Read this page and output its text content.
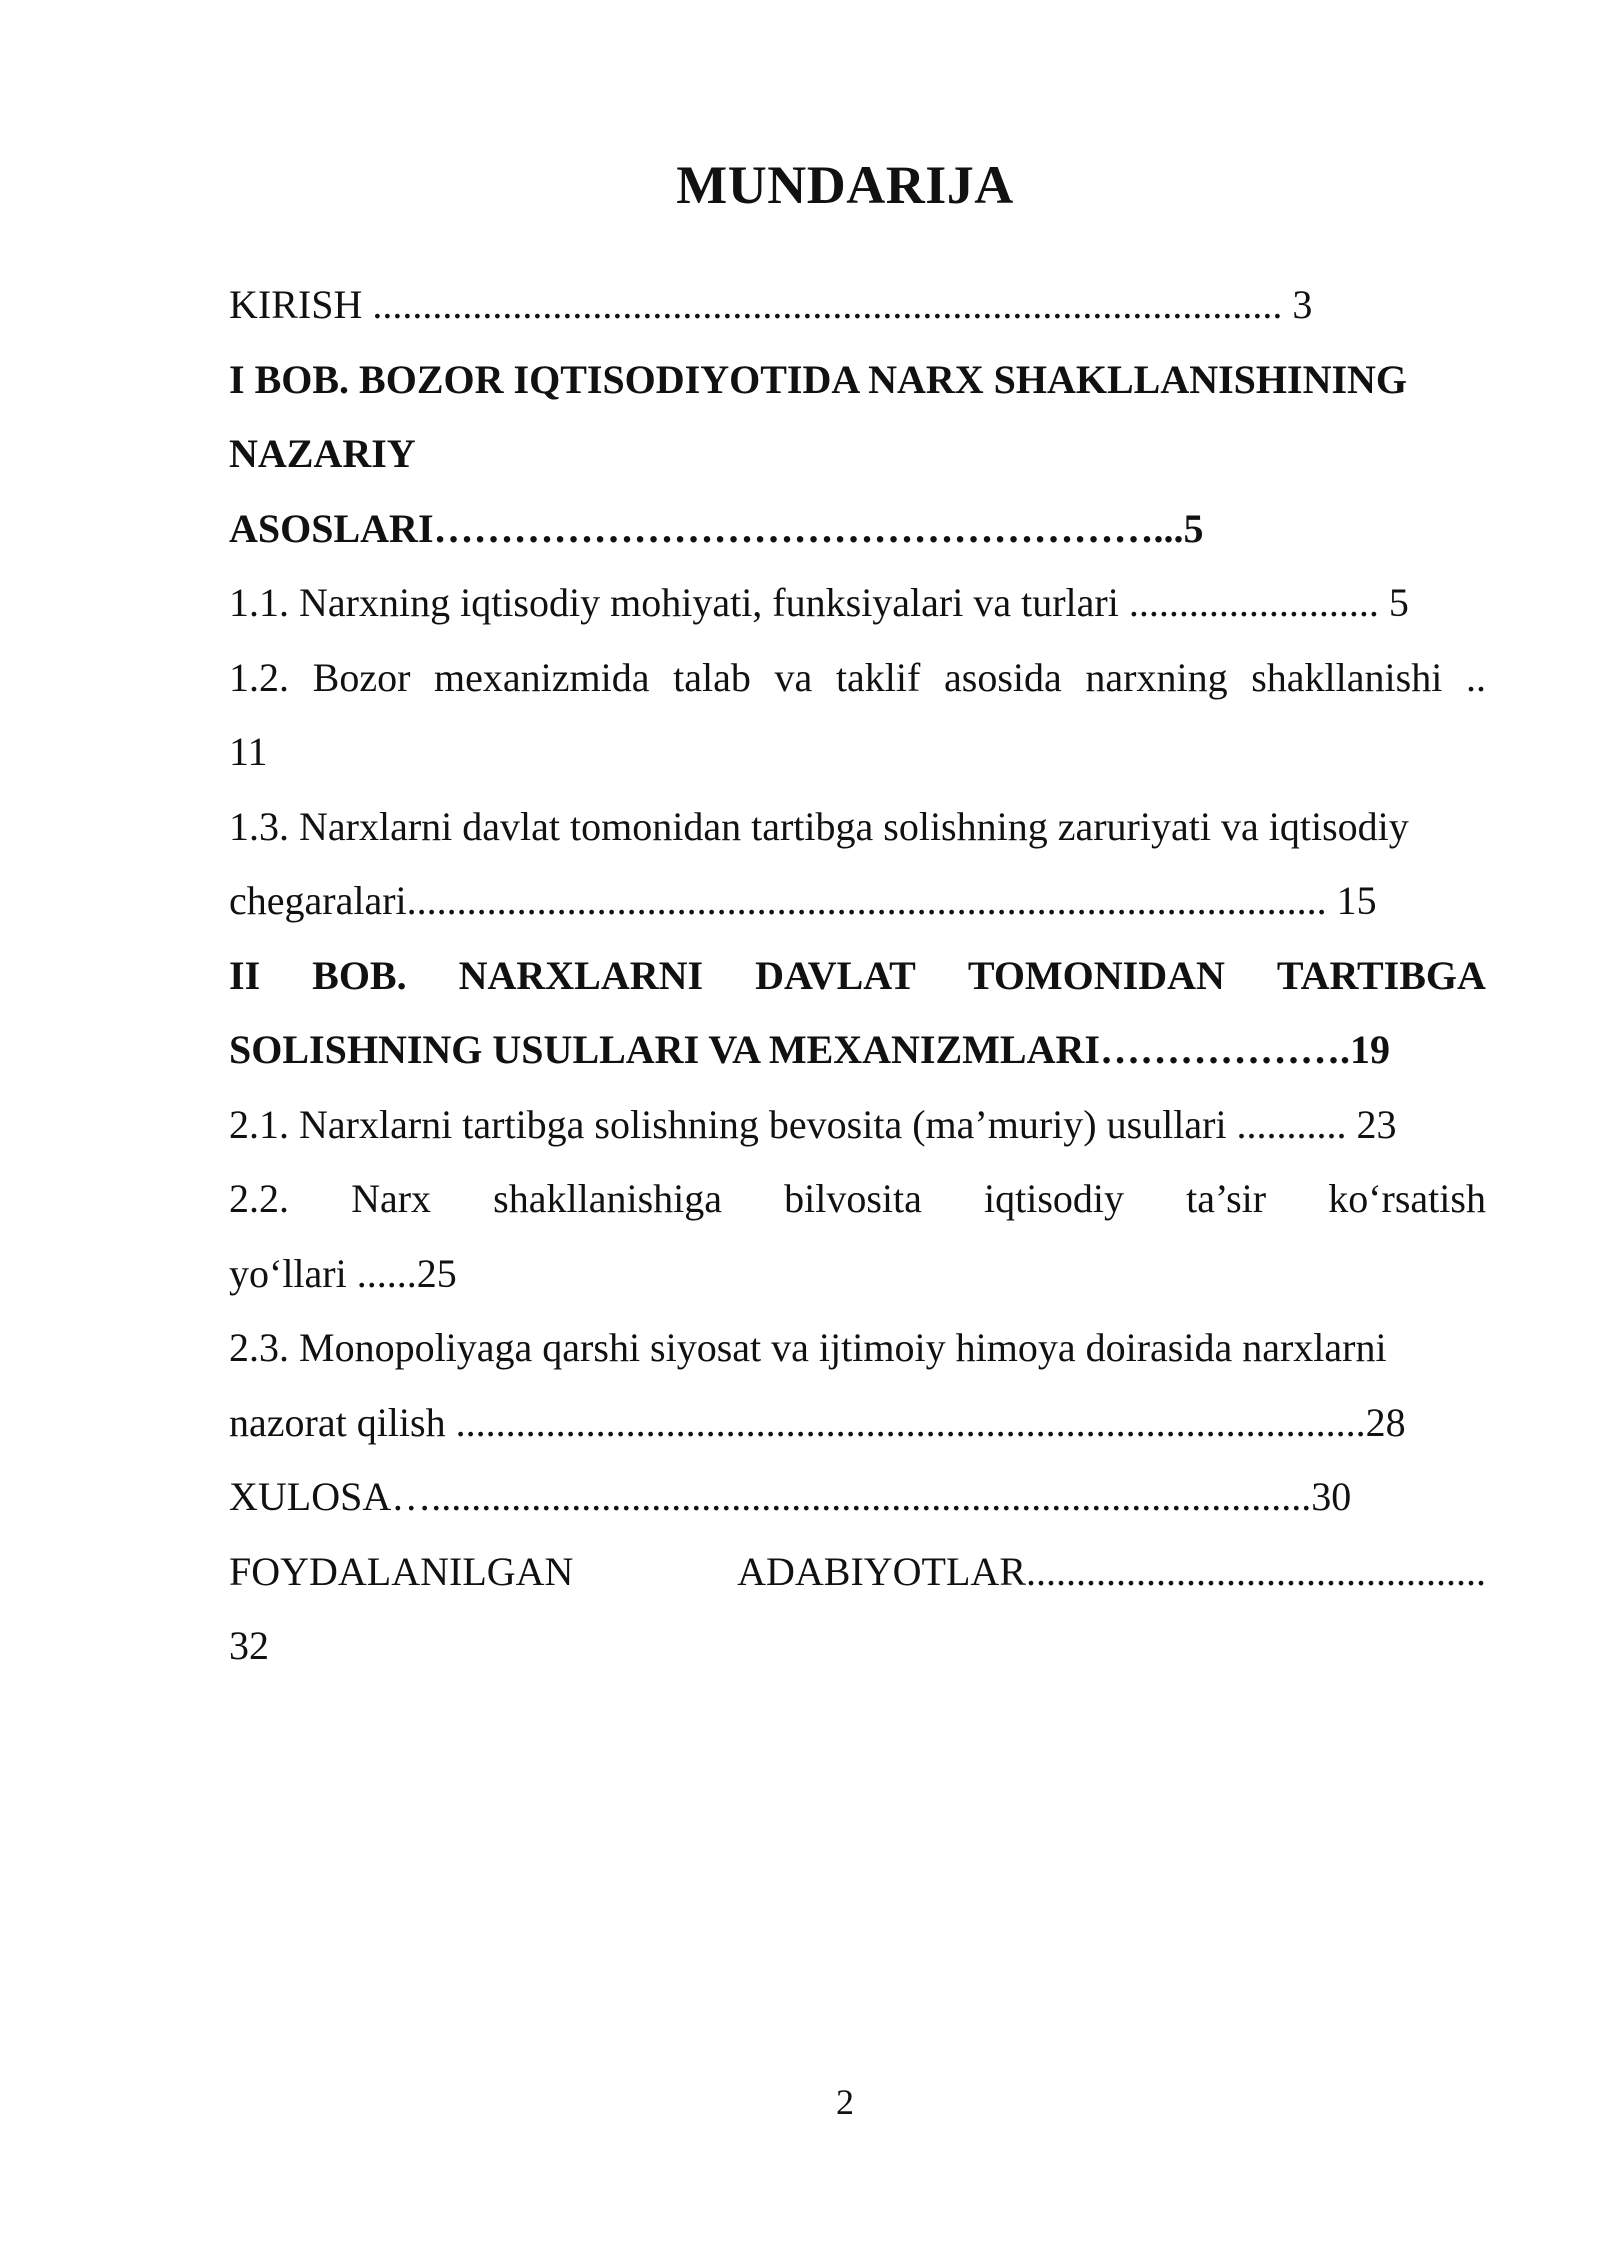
MUNDARIJA
KIRISH ........................................................................................... 3
I BOB. BOZOR IQTISODIYOTIDA NARX SHAKLLANISHINING
NAZARIY
ASOSLARI………………………………………………...5
1.1. Narxning iqtisodiy mohiyati, funksiyalari va turlari ......................... 5
1.2. Bozor mexanizmida talab va taklif asosida narxning shakllanishi ..
11
1.3. Narxlarni davlat tomonidan tartibga solishning zaruriyati va iqtisodiy
chegaralari............................................................................................ 15
II BOB. NARXLARNI DAVLAT TOMONIDAN TARTIBGA
SOLISHNING USULLARI VA MEXANIZMLARI……………….19
2.1. Narxlarni tartibga solishning bevosita (ma’muriy) usullari ........... 23
2.2. Narx shakllanishiga bilvosita iqtisodiy ta’sir ko‘rsatish
yo‘llari ......25
2.3. Monopoliyaga qarshi siyosat va ijtimoiy himoya doirasida narxlarni
nazorat qilish ...........................................................................................28
XULOSA…........................................................................................30
FOYDALANILGAN	ADABIYOTLAR..............................................
32
2
